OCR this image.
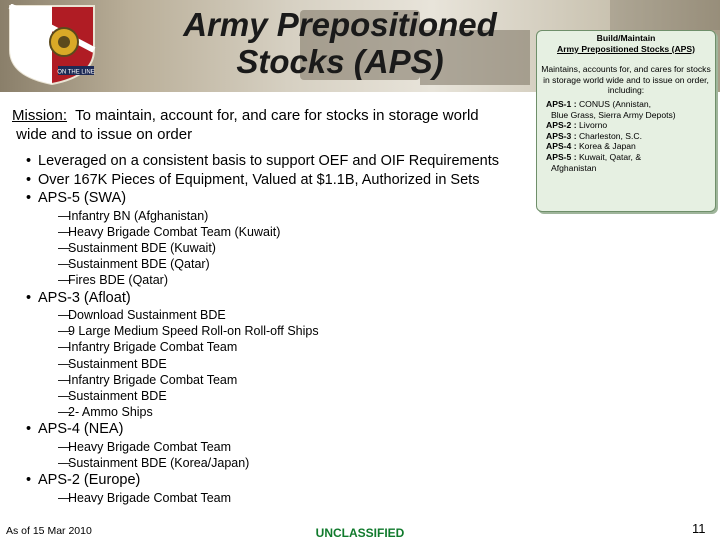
ON THE LINE
Army Prepositioned
Stocks (APS)
Build/Maintain
Army Prepositioned Stocks (APS)
Maintains, accounts for, and cares for stocks in storage world wide and to issue on order, including:
APS-1 : CONUS (Annistan,
Blue Grass, Sierra Army Depots)
APS-2 : Livorno
APS-3 : Charleston, S.C.
APS-4 : Korea & Japan
APS-5 : Kuwait, Qatar, &
Afghanistan
Mission: To maintain, account for, and care for stocks in storage world
wide and to issue on order
• Leveraged on a consistent basis to support OEF and OIF Requirements
• Over 167K Pieces of Equipment, Valued at $1.1B, Authorized in Sets
• APS-5 (SWA)
—
Infantry BN (Afghanistan)
—
Heavy Brigade Combat Team (Kuwait)
—
Sustainment BDE (Kuwait)
—
Sustainment BDE (Qatar)
—
Fires BDE (Qatar)
• APS-3 (Afloat)
—
Download Sustainment BDE
—
9 Large Medium Speed Roll-on Roll-off Ships
—
Infantry Brigade Combat Team
—
Sustainment BDE
—
Infantry Brigade Combat Team
—
Sustainment BDE
—
2- Ammo Ships
• APS-4 (NEA)
—
Heavy Brigade Combat Team
—
Sustainment BDE (Korea/Japan)
• APS-2 (Europe)
—
Heavy Brigade Combat Team
As of 15 Mar 2010	UNCLASSIFIED	11
